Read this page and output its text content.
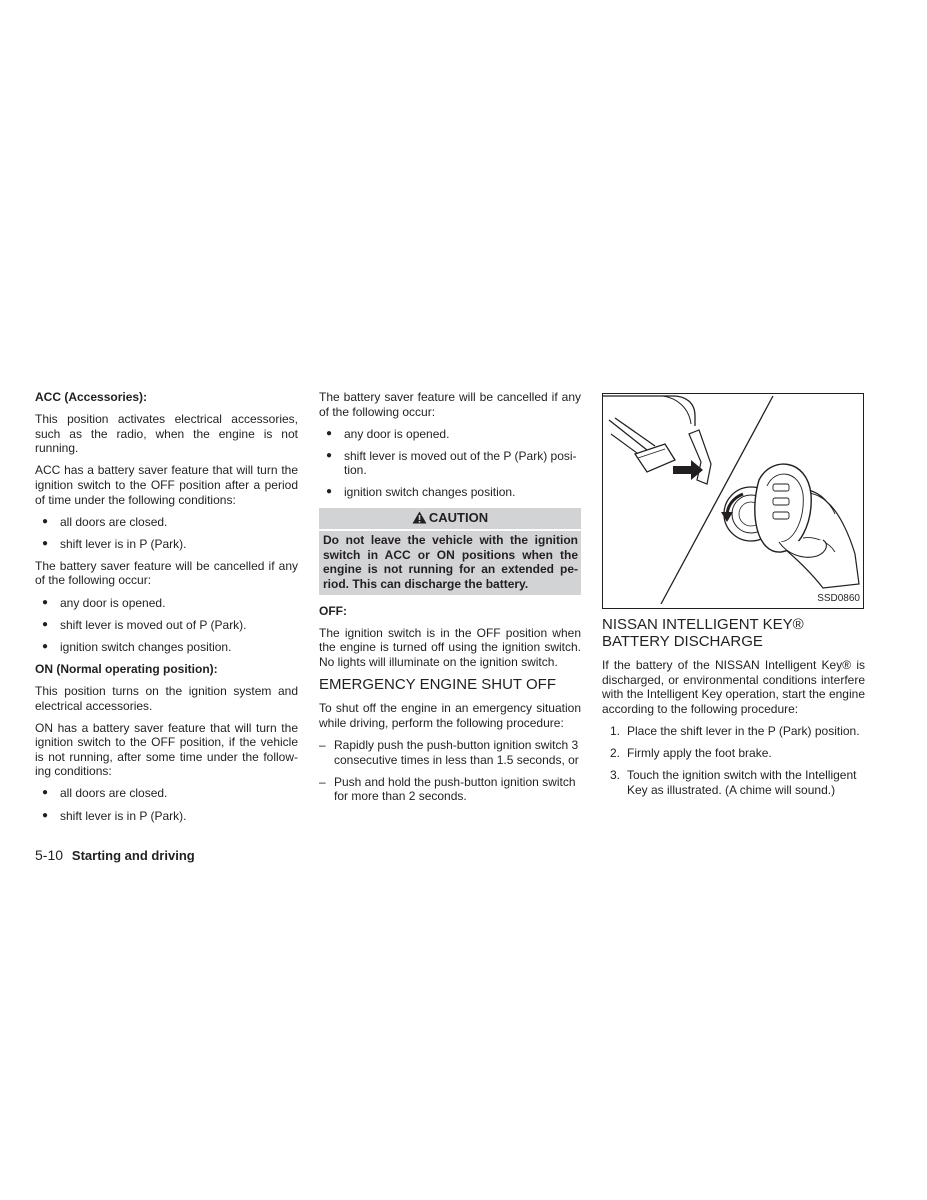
ACC (Accessories):

This position activates electrical accessories, such as the radio, when the engine is not running.

ACC has a battery saver feature that will turn the ignition switch to the OFF position after a period of time under the following conditions:

● all doors are closed.
● shift lever is in P (Park).

The battery saver feature will be cancelled if any of the following occur:

● any door is opened.
● shift lever is moved out of P (Park).
● ignition switch changes position.
ON (Normal operating position):

This position turns on the ignition system and electrical accessories.

ON has a battery saver feature that will turn the ignition switch to the OFF position, if the vehicle is not running, after some time under the follow-ing conditions:

● all doors are closed.
● shift lever is in P (Park).

The battery saver feature will be cancelled if any of the following occur:

● any door is opened.
● shift lever is moved out of the P (Park) posi-tion.
● ignition switch changes position.
CAUTION
Do not leave the vehicle with the ignition switch in ACC or ON positions when the engine is not running for an extended pe-riod. This can discharge the battery.
OFF:

The ignition switch is in the OFF position when the engine is turned off using the ignition switch. No lights will illuminate on the ignition switch.

EMERGENCY ENGINE SHUT OFF

To shut off the engine in an emergency situation while driving, perform the following procedure:

– Rapidly push the push-button ignition switch 3 consecutive times in less than 1.5 seconds, or
– Push and hold the push-button ignition switch for more than 2 seconds.
SSD0860
NISSAN INTELLIGENT KEY®
BATTERY DISCHARGE

If the battery of the NISSAN Intelligent Key® is discharged, or environmental conditions interfere with the Intelligent Key operation, start the engine according to the following procedure:

1. Place the shift lever in the P (Park) position.
2. Firmly apply the foot brake.
3. Touch the ignition switch with the Intelligent Key as illustrated. (A chime will sound.)
5-10 Starting and driving
